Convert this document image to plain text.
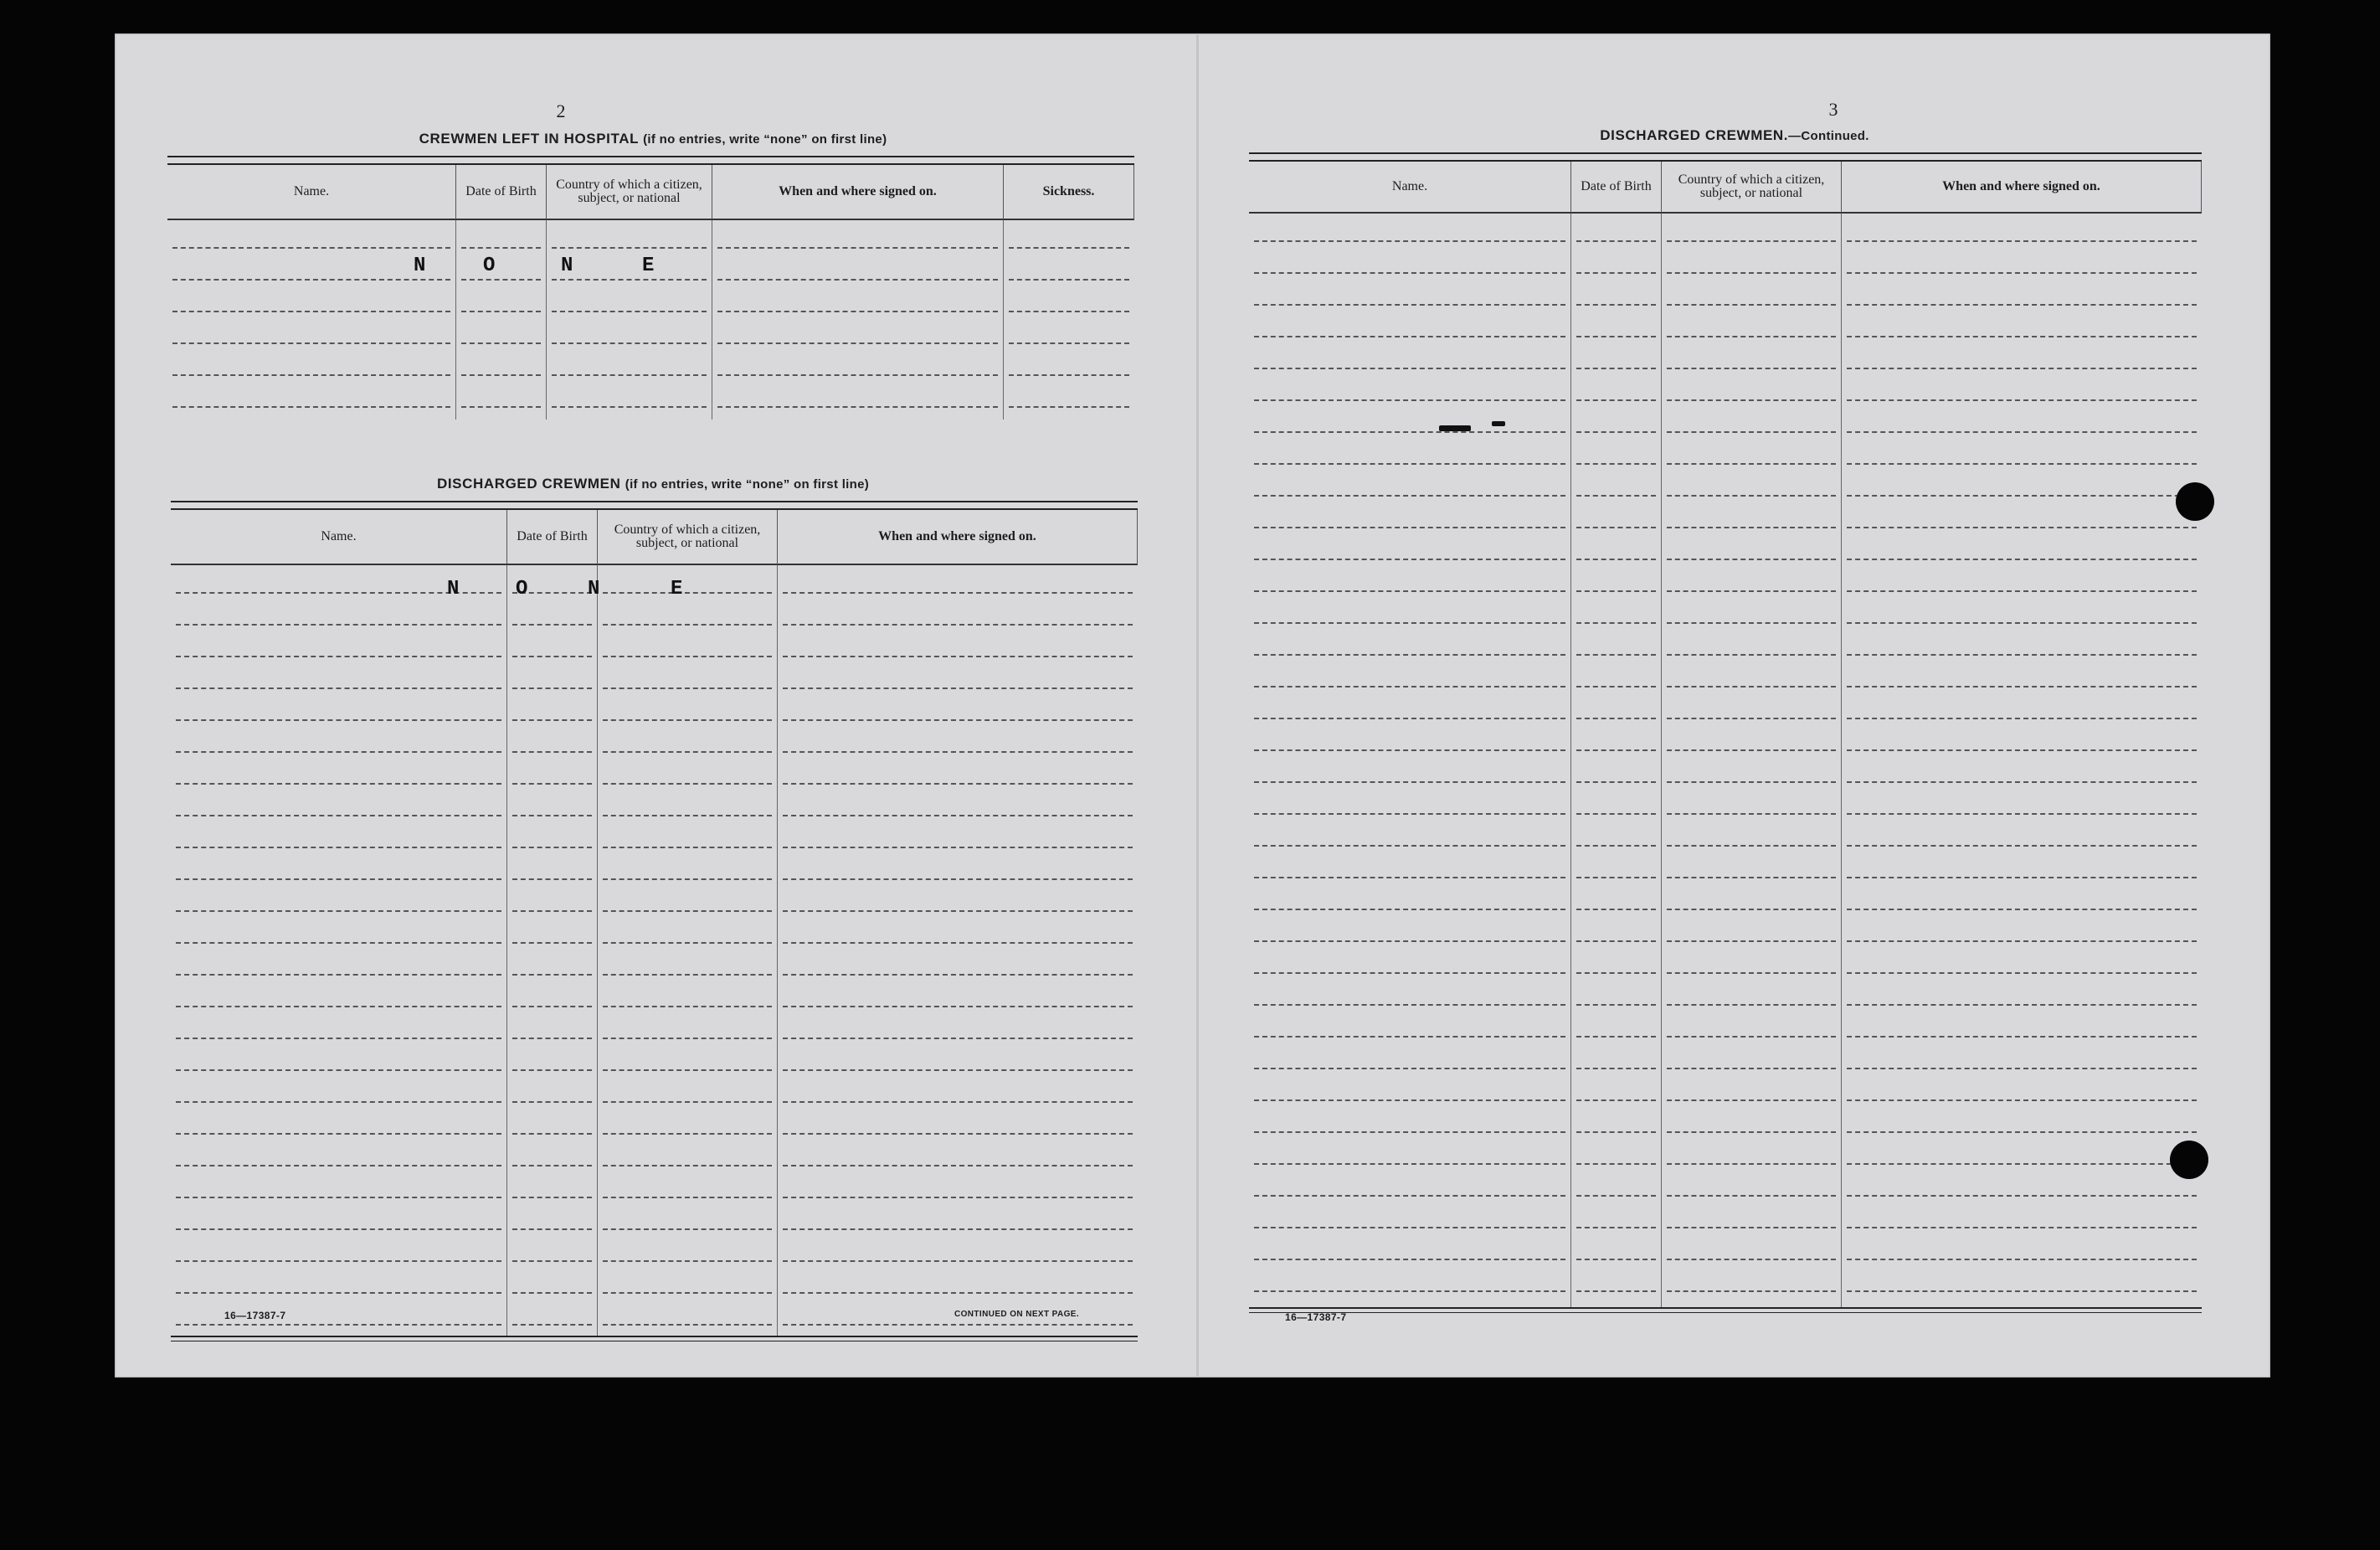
2
CREWMEN LEFT IN HOSPITAL (if no entries, write “none” on first line)
Name.	Date of Birth	Country of which a citizen, subject, or national	When and where signed on.	Sickness.
N	O	N	E
DISCHARGED CREWMEN (if no entries, write “none” on first line)
Name.	Date of Birth	Country of which a citizen, subject, or national	When and where signed on.
N	O	N	E
16—17387-7	CONTINUED ON NEXT PAGE.
3
DISCHARGED CREWMEN.—Continued.
Name.	Date of Birth	Country of which a citizen, subject, or national	When and where signed on.
16—17387-7
